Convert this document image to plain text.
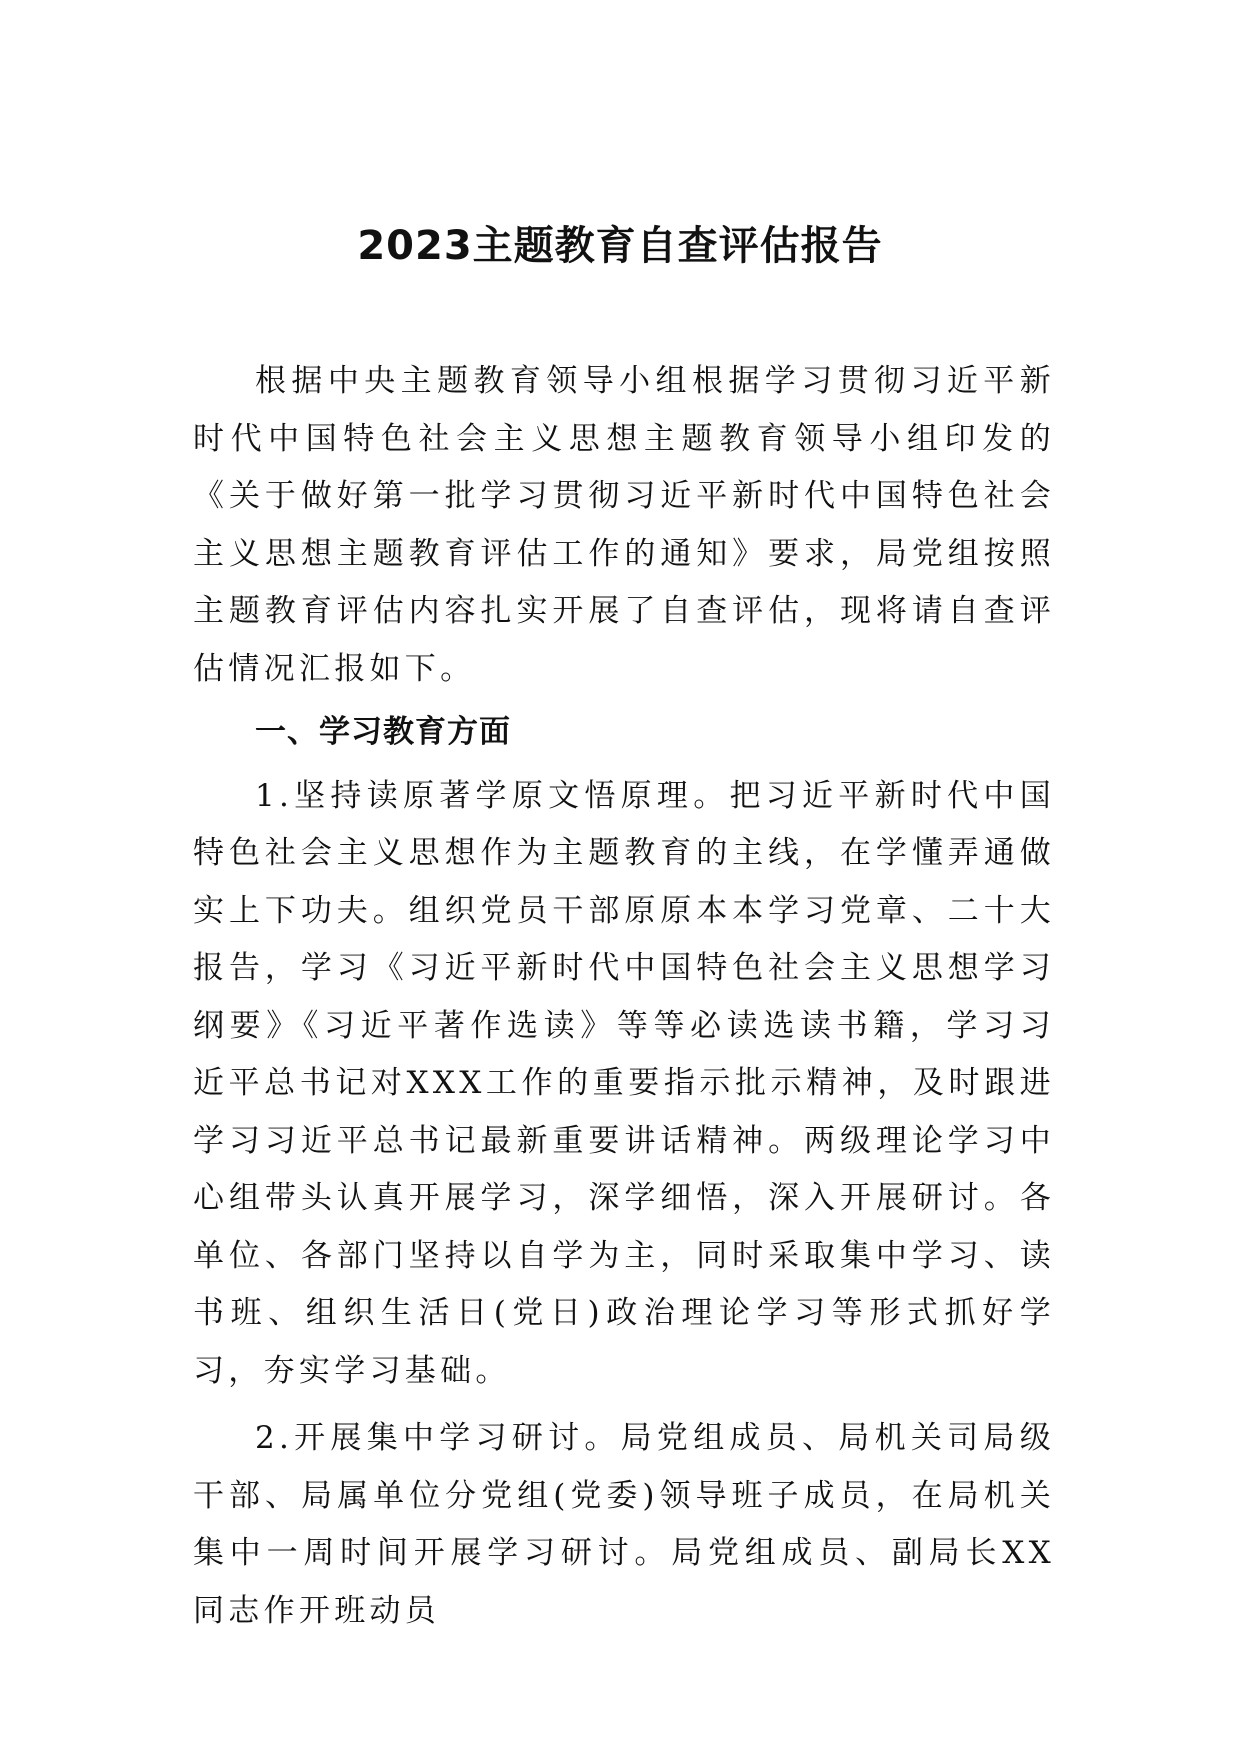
2023主题教育自查评估报告

根据中央主题教育领导小组根据学习贯彻习近平新时代中国特色社会主义思想主题教育领导小组印发的《关于做好第一批学习贯彻习近平新时代中国特色社会主义思想主题教育评估工作的通知》要求，局党组按照主题教育评估内容扎实开展了自查评估，现将请自查评估情况汇报如下。

一、学习教育方面

1.坚持读原著学原文悟原理。把习近平新时代中国特色社会主义思想作为主题教育的主线，在学懂弄通做实上下功夫。组织党员干部原原本本学习党章、二十大报告，学习《习近平新时代中国特色社会主义思想学习纲要》《习近平著作选读》等等必读选读书籍，学习习近平总书记对XXX工作的重要指示批示精神，及时跟进学习习近平总书记最新重要讲话精神。两级理论学习中心组带头认真开展学习，深学细悟，深入开展研讨。各单位、各部门坚持以自学为主，同时采取集中学习、读书班、组织生活日(党日)政治理论学习等形式抓好学习，夯实学习基础。

2.开展集中学习研讨。局党组成员、局机关司局级干部、局属单位分党组(党委)领导班子成员，在局机关集中一周时间开展学习研讨。局党组成员、副局长XX同志作开班动员
